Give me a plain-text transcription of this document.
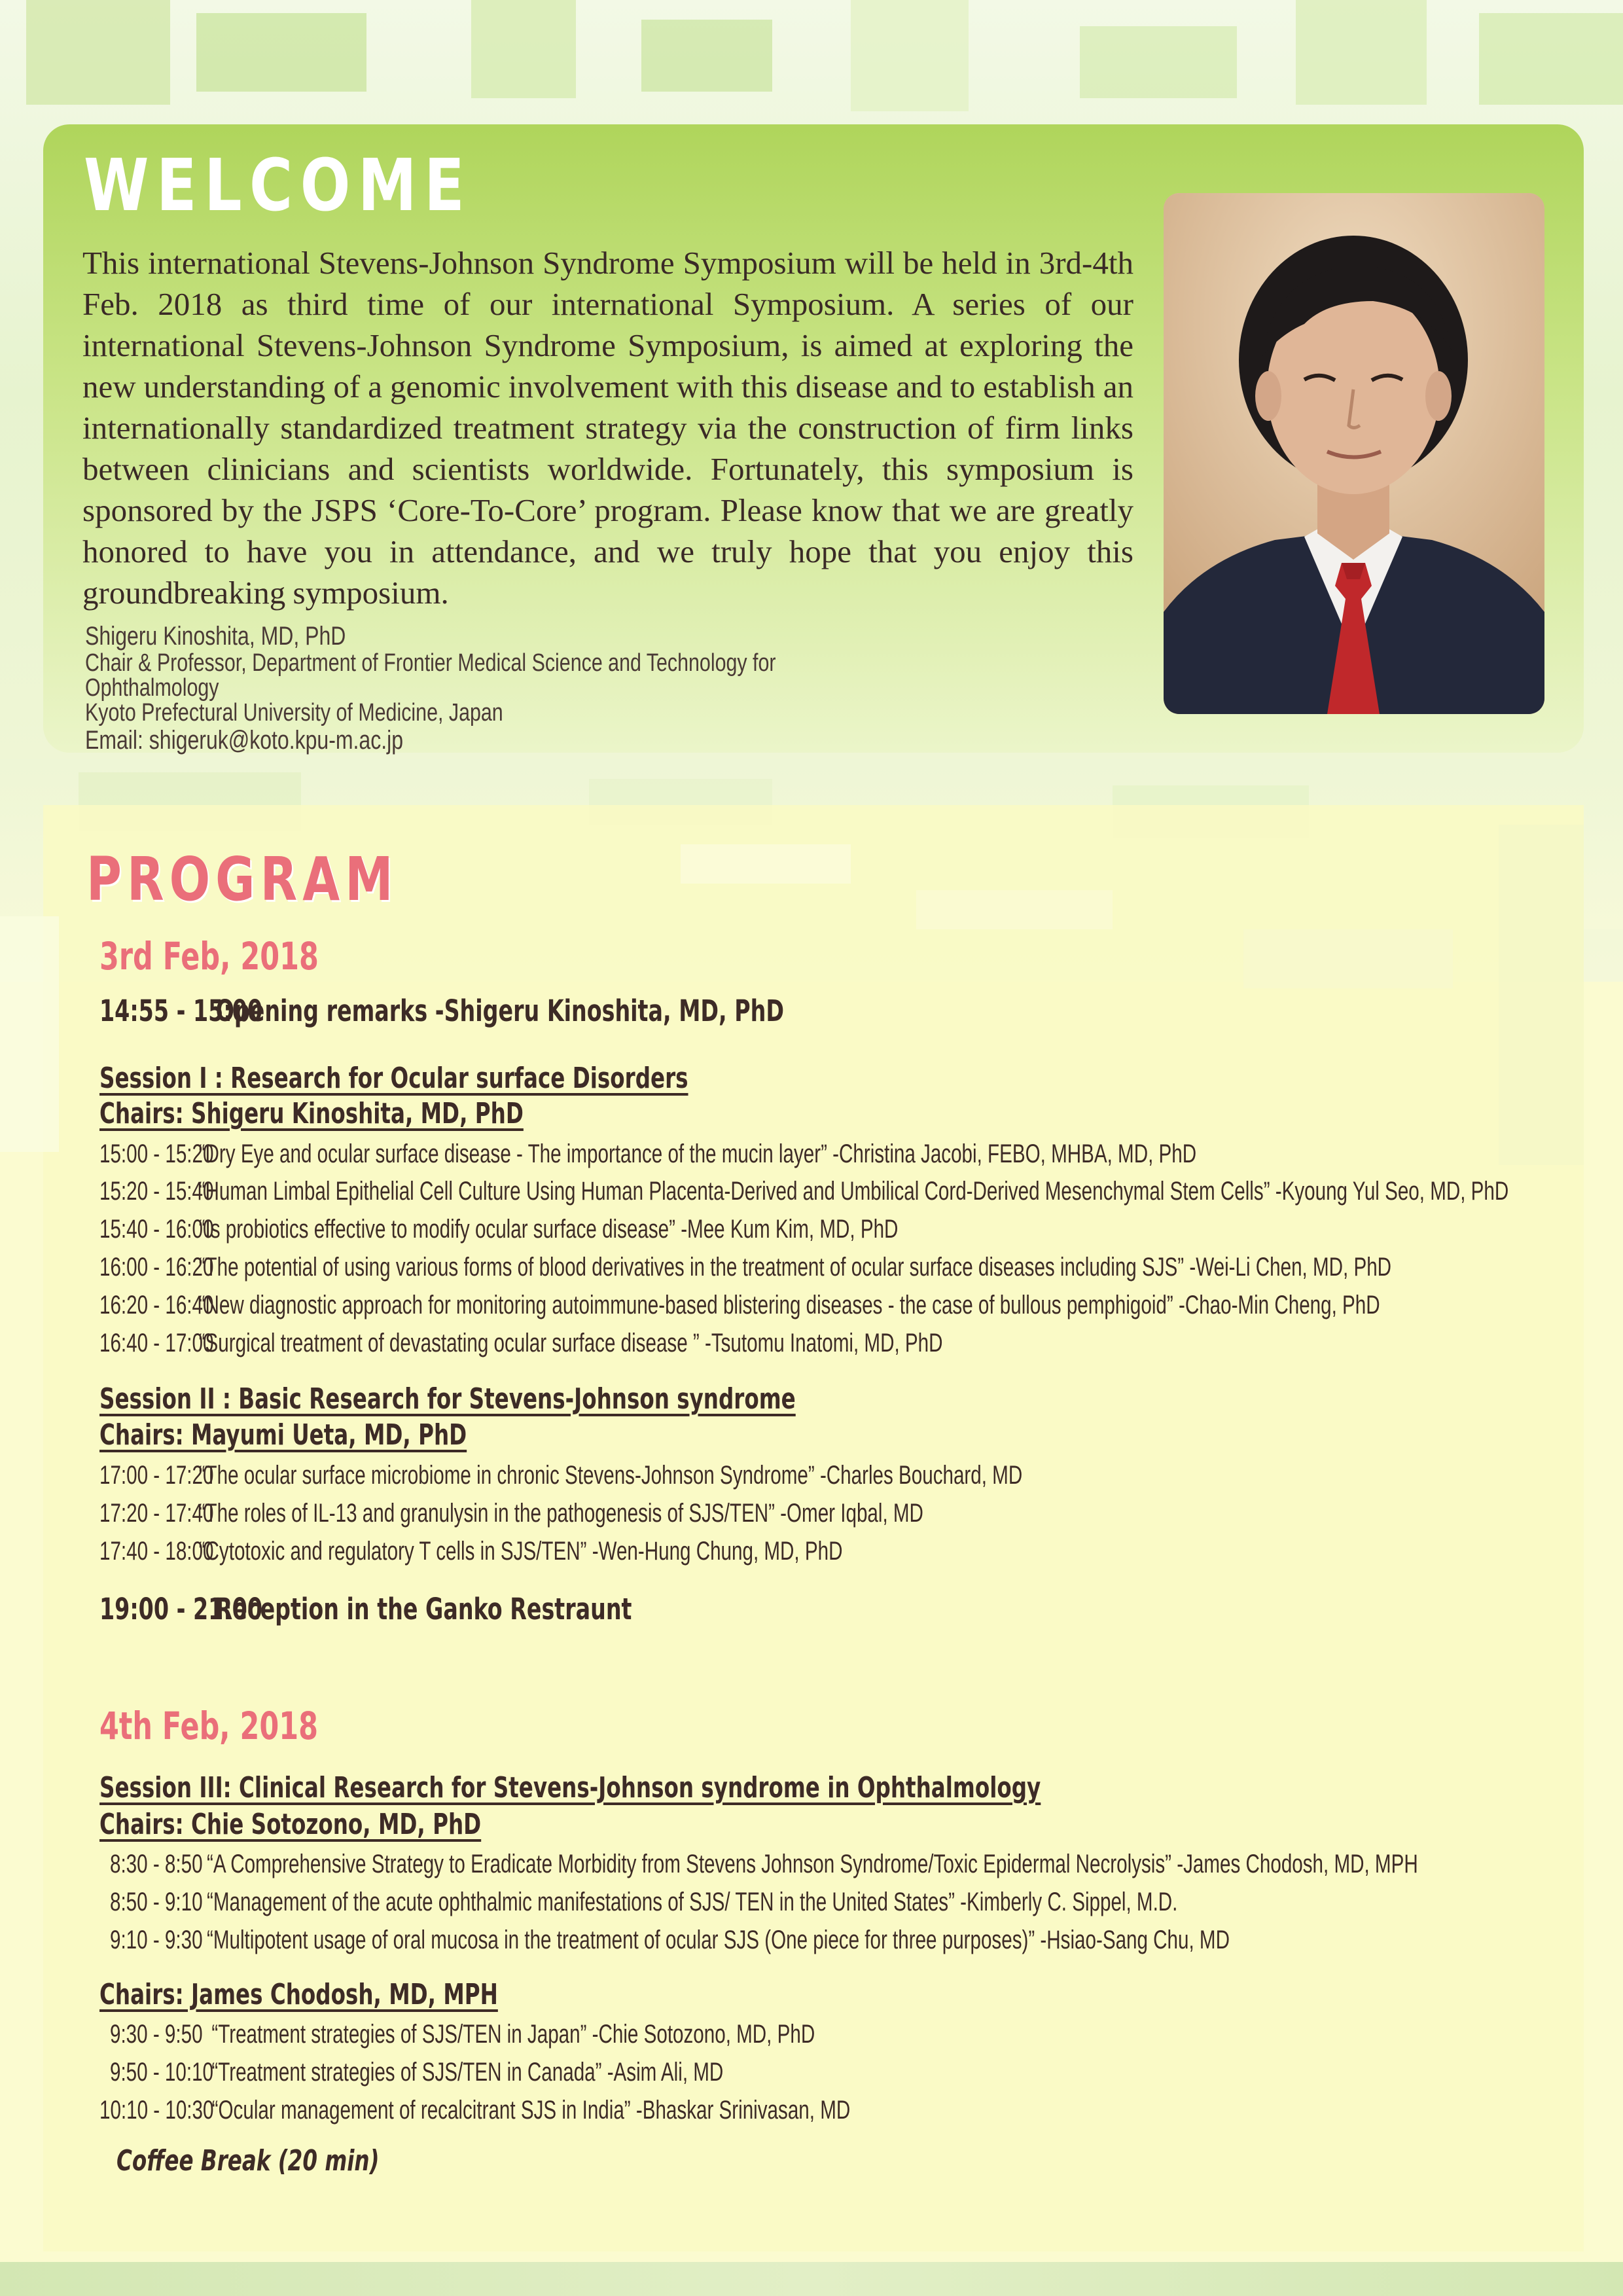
WELCOME
This international Stevens-Johnson Syndrome Symposium will be held in 3rd-4th Feb. 2018 as third time of our international Symposium. A series of our international Stevens-Johnson Syndrome Symposium, is aimed at exploring the new understanding of a genomic involvement with this disease and to establish an internationally standardized treatment strategy via the construction of firm links between clinicians and scientists worldwide. Fortunately, this symposium is sponsored by the JSPS ‘Core-To-Core’ program. Please know that we are greatly honored to have you in attendance, and we truly hope that you enjoy this groundbreaking symposium.
Shigeru Kinoshita, MD, PhD
Chair & Professor, Department of Frontier Medical Science and Technology for Ophthalmology
Kyoto Prefectural University of Medicine, Japan
Email: shigeruk@koto.kpu-m.ac.jp
PROGRAM
3rd Feb, 2018
14:55 - 15:00Opening remarks -Shigeru Kinoshita, MD, PhD
Session I : Research for Ocular surface Disorders
Chairs: Shigeru Kinoshita, MD, PhD
15:00 - 15:20“Dry Eye and ocular surface disease - The importance of the mucin layer” -Christina Jacobi, FEBO, MHBA, MD, PhD
15:20 - 15:40“Human Limbal Epithelial Cell Culture Using Human Placenta-Derived and Umbilical Cord-Derived Mesenchymal Stem Cells” -Kyoung Yul Seo, MD, PhD
15:40 - 16:00“Is probiotics effective to modify ocular surface disease” -Mee Kum Kim, MD, PhD
16:00 - 16:20“The potential of using various forms of blood derivatives in the treatment of ocular surface diseases including SJS” -Wei-Li Chen, MD, PhD
16:20 - 16:40“New diagnostic approach for monitoring autoimmune-based blistering diseases - the case of bullous pemphigoid” -Chao-Min Cheng, PhD
16:40 - 17:00“Surgical treatment of devastating ocular surface disease ” -Tsutomu Inatomi, MD, PhD
Session II : Basic Research for Stevens-Johnson syndrome
Chairs: Mayumi Ueta, MD, PhD
17:00 - 17:20“The ocular surface microbiome in chronic Stevens-Johnson Syndrome” -Charles Bouchard, MD
17:20 - 17:40“The roles of IL-13 and granulysin in the pathogenesis of SJS/TEN” -Omer Iqbal, MD
17:40 - 18:00“Cytotoxic and regulatory T cells in SJS/TEN” -Wen-Hung Chung, MD, PhD
19:00 - 21:00Reception in the Ganko Restraunt
4th Feb, 2018
Session III: Clinical Research for Stevens-Johnson syndrome in Ophthalmology
Chairs: Chie Sotozono, MD, PhD
8:30 - 8:50 “A Comprehensive Strategy to Eradicate Morbidity from Stevens Johnson Syndrome/Toxic Epidermal Necrolysis” -James Chodosh, MD, MPH
8:50 - 9:10 “Management of the acute ophthalmic manifestations of SJS/ TEN in the United States” -Kimberly C. Sippel, M.D.
9:10 - 9:30 “Multipotent usage of oral mucosa in the treatment of ocular SJS (One piece for three purposes)” -Hsiao-Sang Chu, MD
Chairs: James Chodosh, MD, MPH
9:30 - 9:50 “Treatment strategies of SJS/TEN in Japan” -Chie Sotozono, MD, PhD
9:50 - 10:10“Treatment strategies of SJS/TEN in Canada” -Asim Ali, MD
10:10 - 10:30“Ocular management of recalcitrant SJS in India” -Bhaskar Srinivasan, MD
Coffee Break (20 min)
